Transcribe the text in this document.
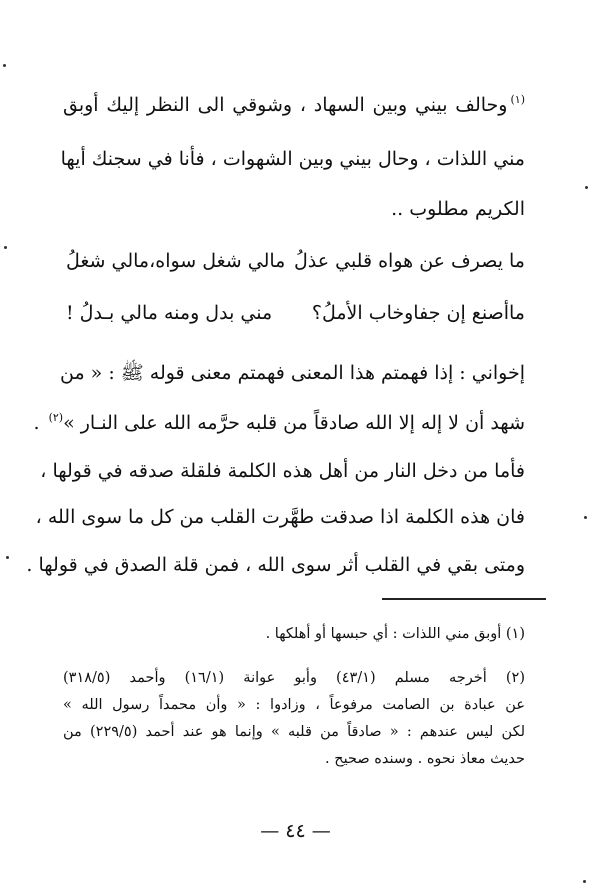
$^{(١)}$وحالف بيني وبين السهاد ، وشوقي الى النظر إليك أوبق
مني اللذات ، وحال بيني وبين الشهوات ، فأنا في سجنك أيها
الكريم مطلوب ..
ما يصرف عن هواه قلبي عذلُ
مالي شغل سواه،مالي شغلُ
ماأصنع إن جفاوخاب الأملُ؟
مني بدل ومنه مالي بـدلُ !
إخواني : إذا فهمتم هذا المعنى فهمتم معنى قوله ﷺ : « من
شهد أن لا إله إلا الله صادقاً من قلبه حرَّمه الله على النـار »$^{(٢)}$ .
فأما من دخل النار من أهل هذه الكلمة فلقلة صدقه في قولها ،
فان هذه الكلمة اذا صدقت طهَّرت القلب من كل ما سوى الله ،
ومتى بقي في القلب أثر سوى الله ، فمن قلة الصدق في قولها .
(١) أوبق مني اللذات : أي حبسها أو أهلكها .
(٢) أخرجه مسلم (٤٣/١) وأبو عوانة (١٦/١) وأحمد (٣١٨/٥)
عن عبادة بن الصامت مرفوعاً ، وزادوا : « وأن محمداً رسول الله »
لكن ليس عندهم : « صادقاً من قلبه » وإنما هو عند أحمد (٢٢٩/٥) من
حديث معاذ نحوه . وسنده صحيح .
— ٤٤ —
